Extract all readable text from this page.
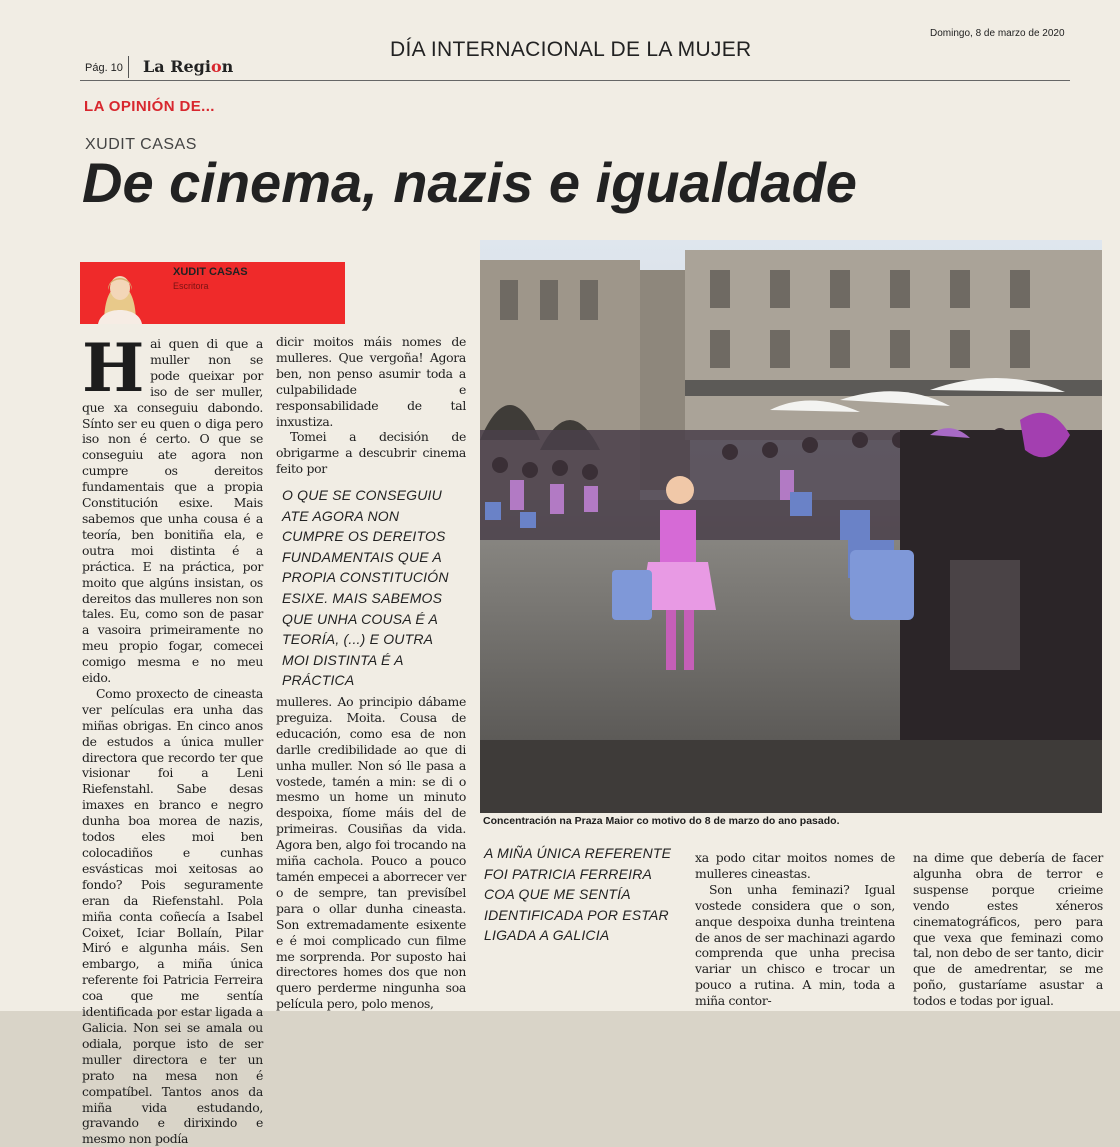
Pág. 10 La Region
DÍA INTERNACIONAL DE LA MUJER
Domingo, 8 de marzo de 2020
LA OPINIÓN DE...
XUDIT CASAS
De cinema, nazis e igualdade
XUDIT CASAS
Escritora

Hai quen di que a muller non se pode queixar por iso de ser muller, que xa conseguiu dabondo. Sínto ser eu quen o diga pero iso non é certo. O que se conseguiu ate agora non cumpre os dereitos fundamentais que a propia Constitución esixe. Mais sabemos que unha cousa é a teoría, ben bonitiña ela, e outra moi distinta é a práctica. E na práctica, por moito que algúns insistan, os dereitos das mulleres non son tales. Eu, como son de pasar a vasoira primeiramente no meu propio fogar, comecei comigo mesma e no meu eido.

Como proxecto de cineasta ver películas era unha das miñas obrigas. En cinco anos de estudos a única muller directora que recordo ter que visionar foi a Leni Riefenstahl. Sabe desas imaxes en branco e negro dunha boa morea de nazis, todos eles moi ben colocadiños e cunhas esvásticas moi xeitosas ao fondo? Pois seguramente eran da Riefenstahl. Pola miña conta coñecía a Isabel Coixet, Iciar Bollaín, Pilar Miró e algunha máis. Sen embargo, a miña única referente foi Patricia Ferreira coa que me sentía identificada por estar ligada a Galicia. Non sei se amala ou odiala, porque isto de ser muller directora e ter un prato na mesa non é compatíbel. Tantos anos da miña vida estudando, gravando e dirixindo e mesmo non podía

dicir moitos máis nomes de mulleres. Que vergoña! Agora ben, non penso asumir toda a culpabilidade e responsabilidade de tal inxustiza.

Tomei a decisión de obrigarme a descubrir cinema feito por

O QUE SE CONSEGUIU ATE AGORA NON CUMPRE OS DEREITOS FUNDAMENTAIS QUE A PROPIA CONSTITUCIÓN ESIXE. MAIS SABEMOS QUE UNHA COUSA É A TEORÍA, (...) E OUTRA MOI DISTINTA É A PRÁCTICA

mulleres. Ao principio dábame preguiza. Moita. Cousa de educación, como esa de non darlle credibilidade ao que di unha muller. Non só lle pasa a vostede, tamén a min: se di o mesmo un home un minuto despoixa, fíome máis del de primeiras. Cousiñas da vida. Agora ben, algo foi trocando na miña cachola. Pouco a pouco tamén empecei a aborrecer ver o de sempre, tan previsíbel para o ollar dunha cineasta. Son extremadamente esixente e é moi complicado cun filme me sorprenda. Por suposto hai directores homes dos que non quero perderme ningunha soa película pero, polo menos,

Concentración na Praza Maior co motivo do 8 de marzo do ano pasado.
A MIÑA ÚNICA REFERENTE FOI PATRICIA FERREIRA COA QUE ME SENTÍA IDENTIFICADA POR ESTAR LIGADA A GALICIA

xa podo citar moitos nomes de mulleres cineastas.

Son unha feminazi? Igual vostede considera que o son, anque despoixa dunha treintena de anos de ser machinazi agardo comprenda que unha precisa variar un chisco e trocar un pouco a rutina. A min, toda a miña contor-

na dime que debería de facer algunha obra de terror e suspense porque crieime vendo estes xéneros cinematográficos, pero para que vexa que feminazi como tal, non debo de ser tanto, dicir que de amedrentar, se me poño, gustaríame asustar a todos e todas por igual.
